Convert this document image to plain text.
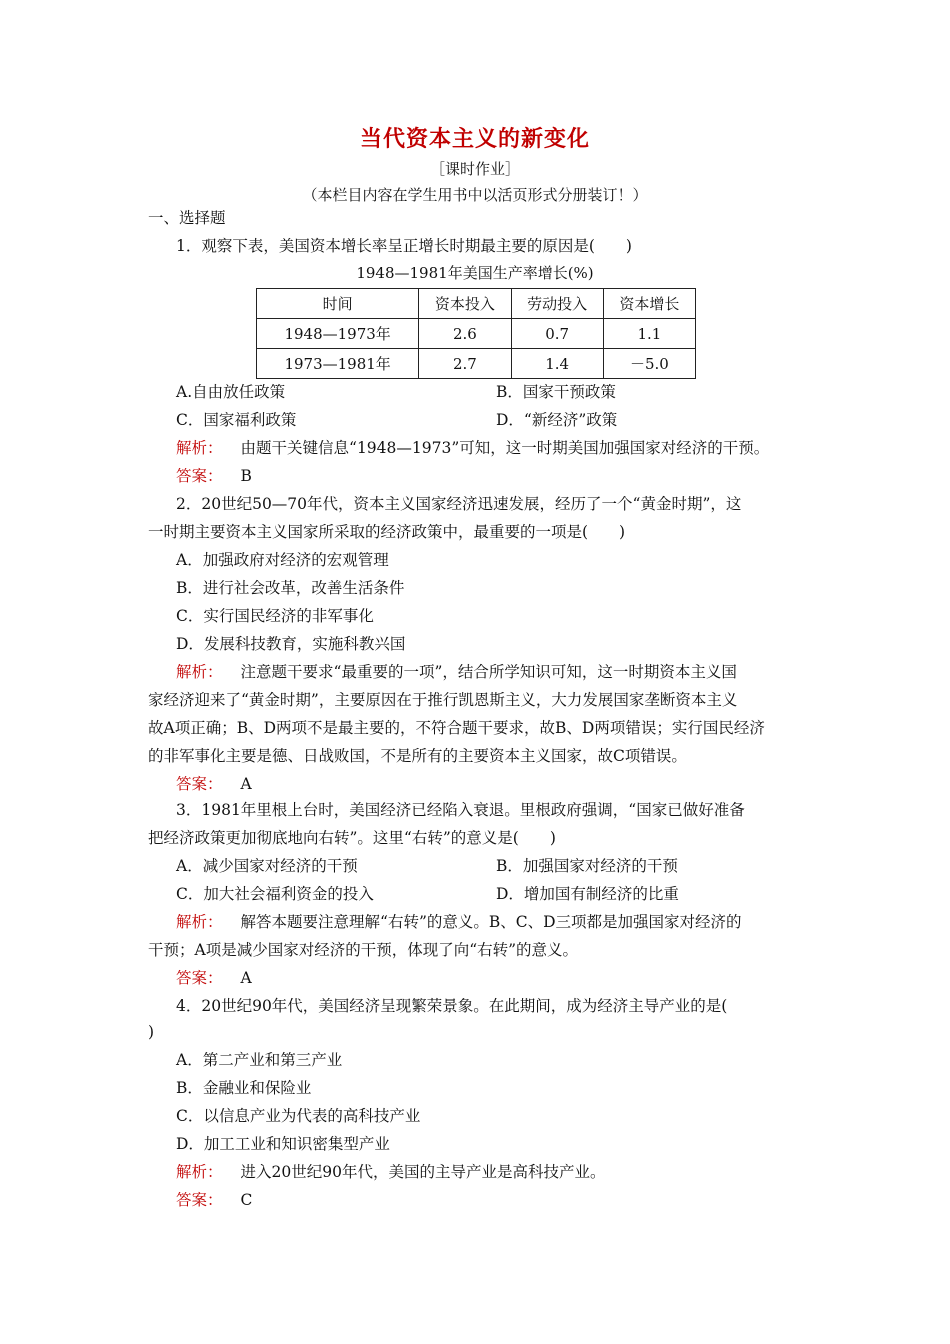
当代资本主义的新变化
［课时作业］
（本栏目内容在学生用书中以活页形式分册装订！）
一、选择题
1．观察下表，美国资本增长率呈正增长时期最主要的原因是(　　)
1948—1981年美国生产率增长(%)
时间	资本投入	劳动投入	资本增长
1948—1973年	2.6	0.7	1.1
1973—1981年	2.7	1.4	－5.0
A.自由放任政策	B．国家干预政策
C．国家福利政策	D．“新经济”政策
解析： 由题干关键信息“1948—1973”可知，这一时期美国加强国家对经济的干预。
答案： B
2．20世纪50—70年代，资本主义国家经济迅速发展，经历了一个“黄金时期”，这
一时期主要资本主义国家所采取的经济政策中，最重要的一项是(　　)
A．加强政府对经济的宏观管理
B．进行社会改革，改善生活条件
C．实行国民经济的非军事化
D．发展科技教育，实施科教兴国
解析： 注意题干要求“最重要的一项”，结合所学知识可知，这一时期资本主义国
家经济迎来了“黄金时期”，主要原因在于推行凯恩斯主义，大力发展国家垄断资本主义
故A项正确；B、D两项不是最主要的，不符合题干要求，故B、D两项错误；实行国民经济
的非军事化主要是德、日战败国，不是所有的主要资本主义国家，故C项错误。
答案： A
3．1981年里根上台时，美国经济已经陷入衰退。里根政府强调，“国家已做好准备
把经济政策更加彻底地向右转”。这里“右转”的意义是(　　)
A．减少国家对经济的干预	B．加强国家对经济的干预
C．加大社会福利资金的投入	D．增加国有制经济的比重
解析： 解答本题要注意理解“右转”的意义。B、C、D三项都是加强国家对经济的
干预；A项是减少国家对经济的干预，体现了向“右转”的意义。
答案： A
4．20世纪90年代，美国经济呈现繁荣景象。在此期间，成为经济主导产业的是(
)
A．第二产业和第三产业
B．金融业和保险业
C．以信息产业为代表的高科技产业
D．加工工业和知识密集型产业
解析： 进入20世纪90年代，美国的主导产业是高科技产业。
答案： C
